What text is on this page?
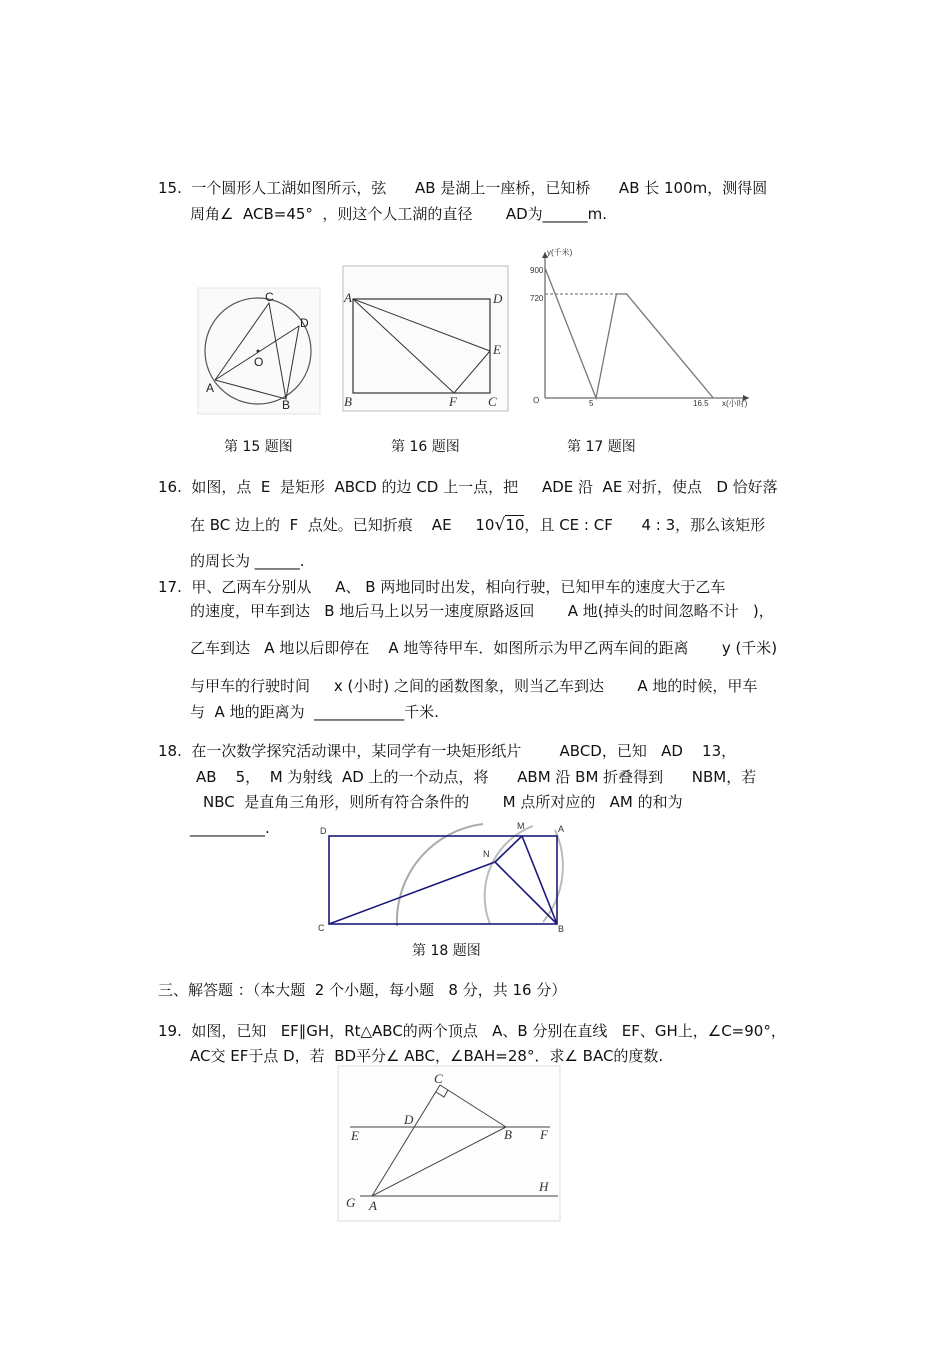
15.  一个圆形人工湖如图所示，弦      AB 是湖上一座桥，已知桥      AB 长 100m，测得圆
周角∠  ACB=45°  ，则这个人工湖的直径       AD为______m.
A
C
D
O
B
A	D
E
B	F C
y(千米)
x(小时)
O
900
720
5	16.5
第 15 题图	第 16 题图	第 17 题图
16.  如图，点  E  是矩形  ABCD 的边 CD 上一点，把     ADE 沿  AE 对折，使点   D 恰好落
在 BC 边上的  F  点处。已知折痕    AE     10√10，且 CE : CF      4 : 3，那么该矩形
的周长为 ______.
17.  甲、乙两车分别从     A、 B 两地同时出发，相向行驶，已知甲车的速度大于乙车
的速度，甲车到达   B 地后马上以另一速度原路返回       A 地(掉头的时间忽略不计   )，
乙车到达   A 地以后即停在    A 地等待甲车．如图所示为甲乙两车间的距离       y (千米)
与甲车的行驶时间     x (小时) 之间的函数图象，则当乙车到达       A 地的时候，甲车
与  A 地的距离为  ____________千米.
18.  在一次数学探究活动课中，某同学有一块矩形纸片        ABCD，已知   AD    13，
AB    5，  M 为射线  AD 上的一个动点，将      ABM 沿 BM 折叠得到      NBM，若
NBC  是直角三角形，则所有符合条件的       M 点所对应的   AM 的和为
__________.	D	M	A
N
C	B
第 18 题图
三、解答题 ：（本大题  2 个小题，每小题   8 分，共 16 分）
19.  如图，已知   EF∥GH，Rt△ABC的两个顶点   A、B 分别在直线   EF、GH上，∠C=90°，
AC交 EF于点 D，若  BD平分∠ ABC，∠BAH=28°．求∠ BAC的度数.
C
D
E	B F
H
G A
